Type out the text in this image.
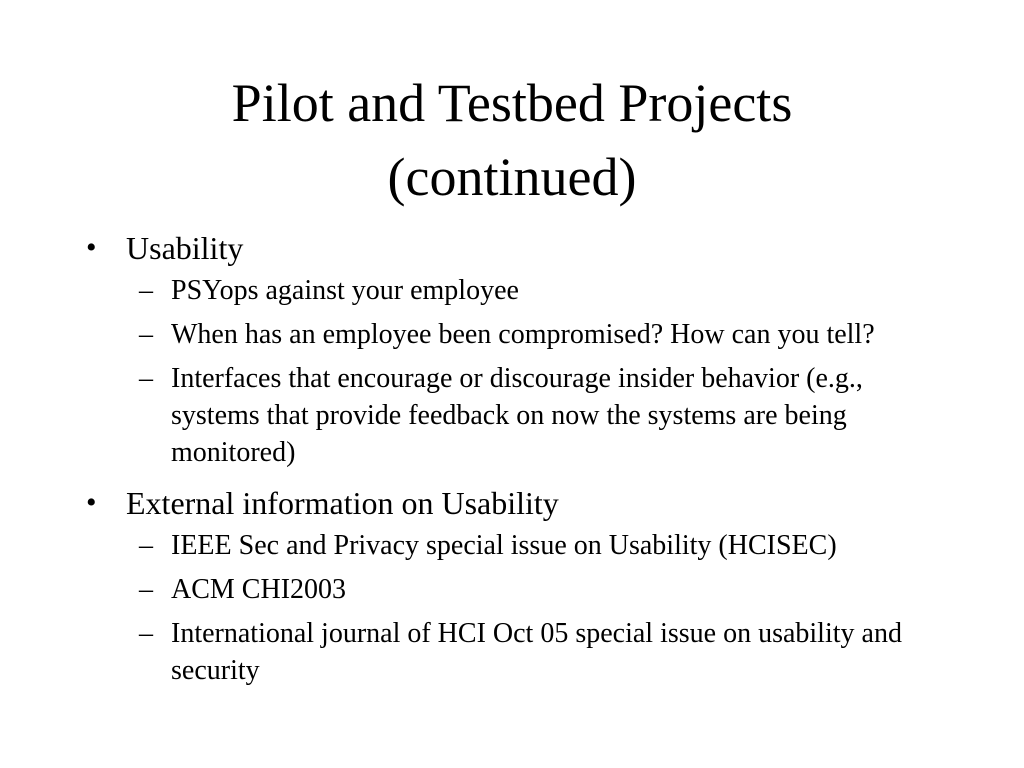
Pilot and Testbed Projects
(continued)
• Usability
– PSYops against your employee
– When has an employee been compromised? How can you tell?
– Interfaces that encourage or discourage insider behavior (e.g., systems that provide feedback on now the systems are being monitored)
• External information on Usability
– IEEE Sec and Privacy special issue on Usability (HCISEC)
– ACM CHI2003
– International journal of HCI Oct 05 special issue on usability and security
